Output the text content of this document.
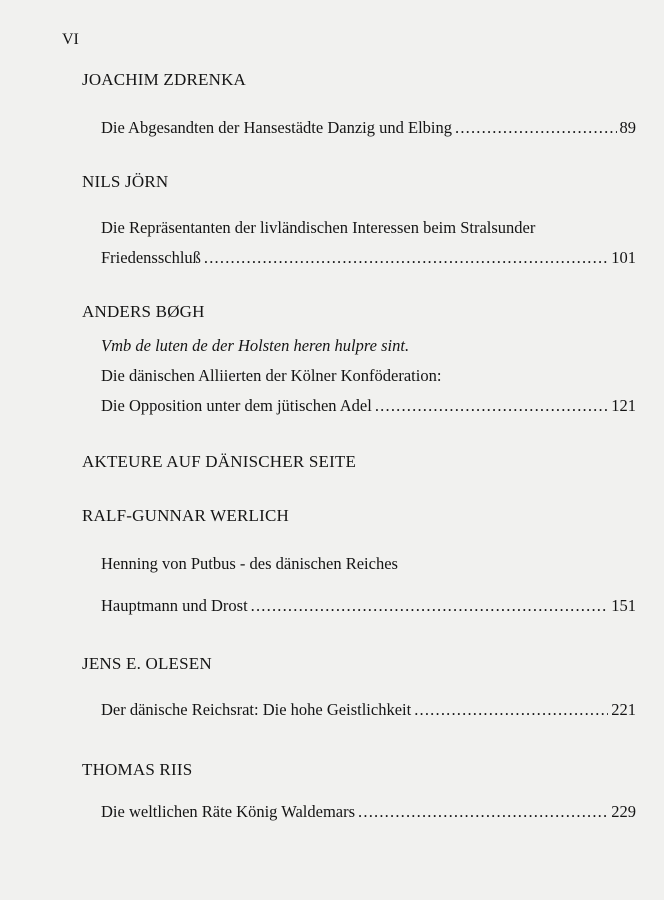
VI
JOACHIM ZDRENKA
Die Abgesandten der Hansestädte Danzig und Elbing .....	89
NILS JÖRN
Die Repräsentanten der livländischen Interessen beim Stralsunder
Friedensschluß .....	101
ANDERS BØGH
Vmb de luten de der Holsten heren hulpre sint.
Die dänischen Alliierten der Kölner Konföderation:
Die Opposition unter dem jütischen Adel .....	121
AKTEURE AUF DÄNISCHER SEITE
RALF-GUNNAR WERLICH
Henning von Putbus - des dänischen Reiches
Hauptmann und Drost .....	151
JENS E. OLESEN
Der dänische Reichsrat: Die hohe Geistlichkeit .....	221
THOMAS RIIS
Die weltlichen Räte König Waldemars .....	229
